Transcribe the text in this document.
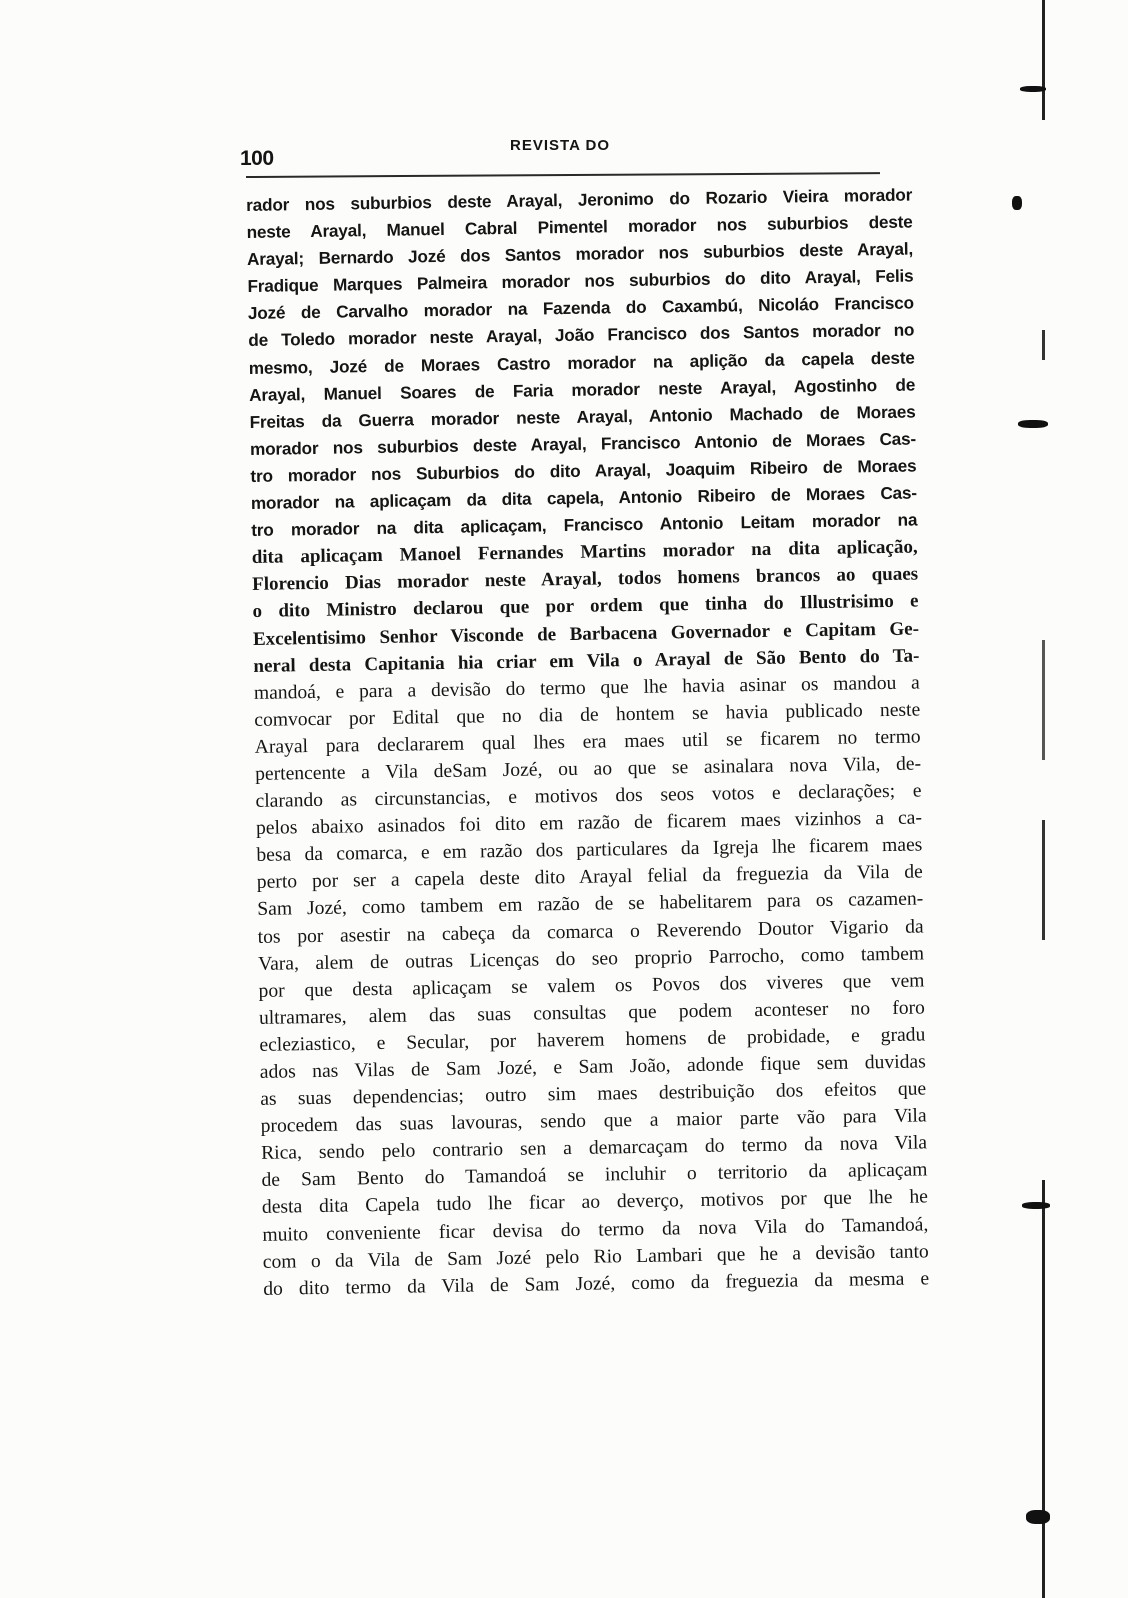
100
REVISTA DO
rador nos suburbios deste Arayal, Jeronimo do Rozario Vieira morador
neste Arayal, Manuel Cabral Pimentel morador nos suburbios deste
Arayal; Bernardo Jozé dos Santos morador nos suburbios deste Arayal,
Fradique Marques Palmeira morador nos suburbios do dito Arayal, Felis
Jozé de Carvalho morador na Fazenda do Caxambú, Nicoláo Francisco
de Toledo morador neste Arayal, João Francisco dos Santos morador no
mesmo, Jozé de Moraes Castro morador na aplição da capela deste
Arayal, Manuel Soares de Faria morador neste Arayal, Agostinho de
Freitas da Guerra morador neste Arayal, Antonio Machado de Moraes
morador nos suburbios deste Arayal, Francisco Antonio de Moraes Cas-
tro morador nos Suburbios do dito Arayal, Joaquim Ribeiro de Moraes
morador na aplicaçam da dita capela, Antonio Ribeiro de Moraes Cas-
tro morador na dita aplicaçam, Francisco Antonio Leitam morador na
dita aplicaçam Manoel Fernandes Martins morador na dita aplicação,
Florencio Dias morador neste Arayal, todos homens brancos ao quaes
o dito Ministro declarou que por ordem que tinha do Illustrisimo e
Excelentisimo Senhor Visconde de Barbacena Governador e Capitam Ge-
neral desta Capitania hia criar em Vila o Arayal de São Bento do Ta-
mandoá, e para a devisão do termo que lhe havia asinar os mandou a
comvocar por Edital que no dia de hontem se havia publicado neste
Arayal para declararem qual lhes era maes util se ficarem no termo
pertencente a Vila deSam Jozé, ou ao que se asinalara nova Vila, de-
clarando as circunstancias, e motivos dos seos votos e declarações; e
pelos abaixo asinados foi dito em razão de ficarem maes vizinhos a ca-
besa da comarca, e em razão dos particulares da Igreja lhe ficarem maes
perto por ser a capela deste dito Arayal felial da freguezia da Vila de
Sam Jozé, como tambem em razão de se habelitarem para os cazamen-
tos por asestir na cabeça da comarca o Reverendo Doutor Vigario da
Vara, alem de outras Licenças do seo proprio Parrocho, como tambem
por que desta aplicaçam se valem os Povos dos viveres que vem
ultramares, alem das suas consultas que podem aconteser no foro
ecleziastico, e Secular, por haverem homens de probidade, e gradu
ados nas Vilas de Sam Jozé, e Sam João, adonde fique sem duvidas
as suas dependencias; outro sim maes destribuição dos efeitos que
procedem das suas lavouras, sendo que a maior parte vão para Vila
Rica, sendo pelo contrario sen a demarcaçam do termo da nova Vila
de Sam Bento do Tamandoá se incluhir o territorio da aplicaçam
desta dita Capela tudo lhe ficar ao deverço, motivos por que lhe he
muito conveniente ficar devisa do termo da nova Vila do Tamandoá,
com o da Vila de Sam Jozé pelo Rio Lambari que he a devisão tanto
do dito termo da Vila de Sam Jozé, como da freguezia da mesma e
